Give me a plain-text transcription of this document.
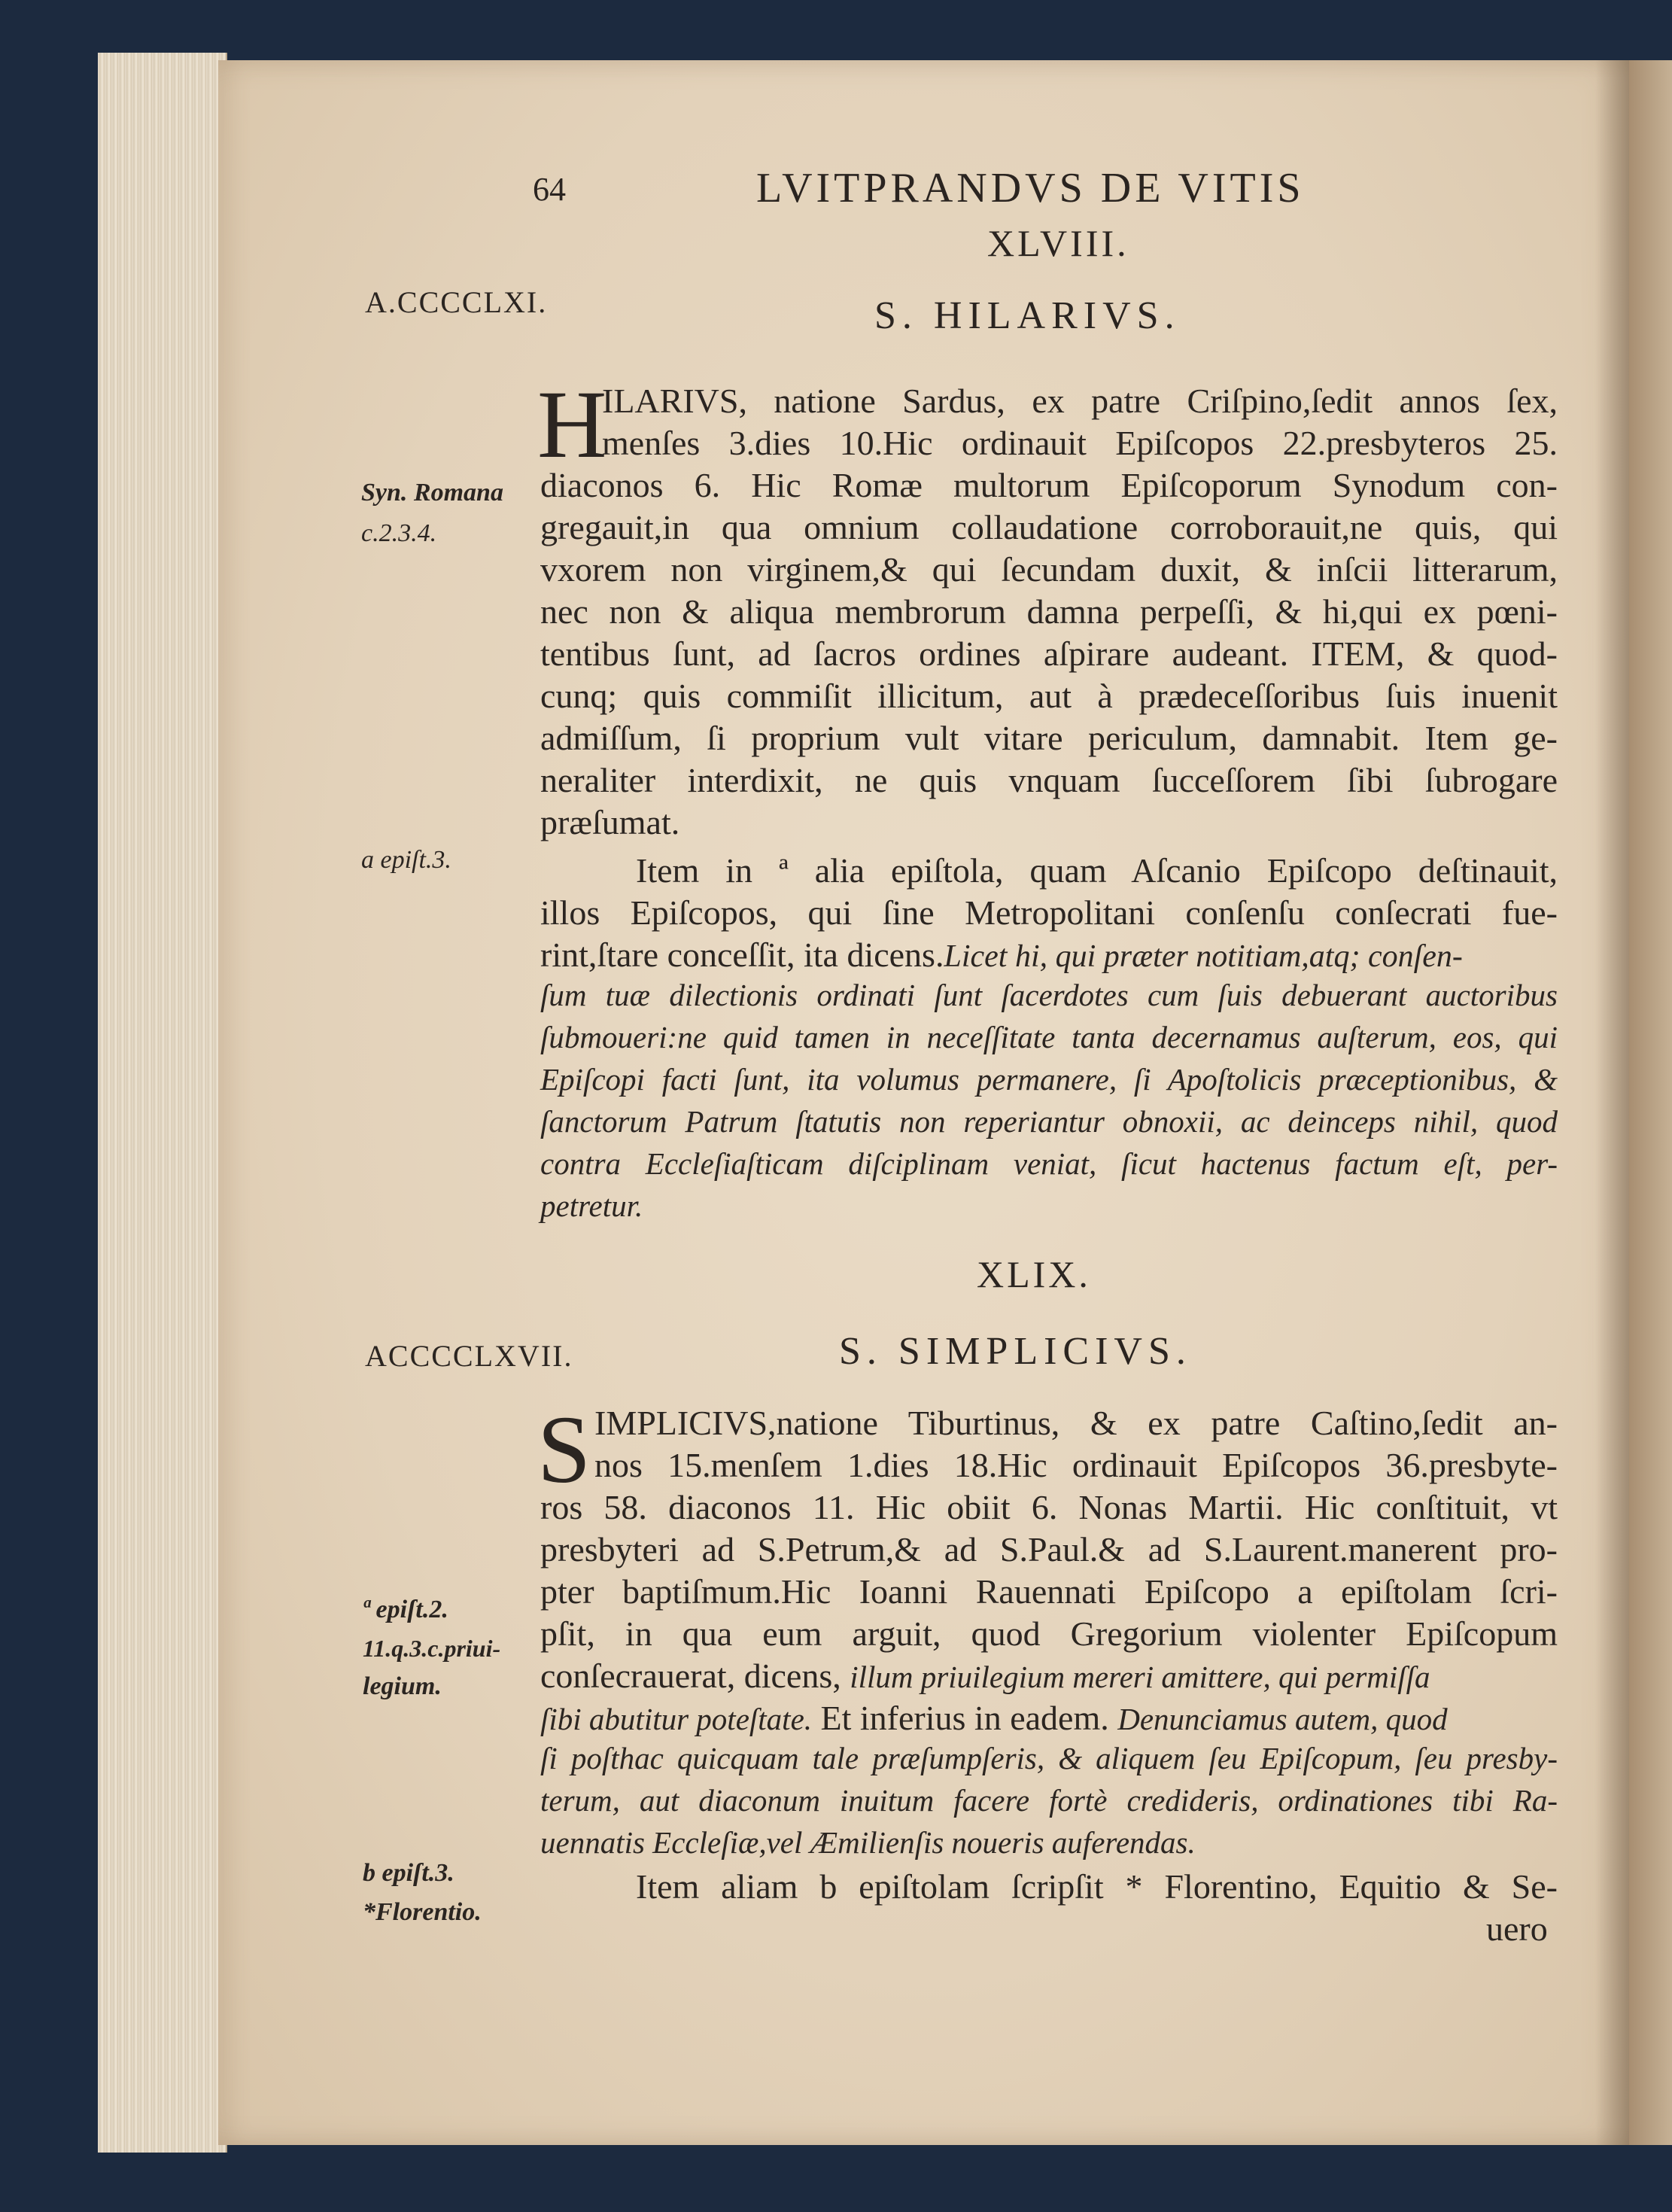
64	LVITPRANDVS DE VITIS
XLVIII.
A.CCCCLXI.	S. HILARIVS.
H
ILARIVS, natione Sardus, ex patre Criſpino,ſedit annos ſex,
menſes 3.dies 10.Hic ordinauit Epiſcopos 22.presbyteros 25.
diaconos 6. Hic Romæ multorum Epiſcoporum Synodum con-
gregauit,in qua omnium collaudatione corroborauit,ne quis, qui
vxorem non virginem,& qui ſecundam duxit, & inſcii litterarum,
nec non & aliqua membrorum damna perpeſſi, & hi,qui ex pœni-
tentibus ſunt, ad ſacros ordines aſpirare audeant. ITEM, & quod-
cunq; quis commiſit illicitum, aut à prædeceſſoribus ſuis inuenit
admiſſum, ſi proprium vult vitare periculum, damnabit. Item ge-
neraliter interdixit, ne quis vnquam ſucceſſorem ſibi ſubrogare
præſumat.
Syn. Romana
c.2.3.4.
a epiſt.3.	Item in ª alia epiſtola, quam Aſcanio Epiſcopo deſtinauit,
illos Epiſcopos, qui ſine Metropolitani conſenſu conſecrati fue-
rint,ſtare conceſſit, ita dicens.Licet hi, qui præter notitiam,atq; conſen-
ſum tuæ dilectionis ordinati ſunt ſacerdotes cum ſuis debuerant auctoribus
ſubmoueri:ne quid tamen in neceſſitate tanta decernamus auſterum, eos, qui
Epiſcopi facti ſunt, ita volumus permanere, ſi Apoſtolicis præceptionibus, &
ſanctorum Patrum ſtatutis non reperiantur obnoxii, ac deinceps nihil, quod
contra Eccleſiaſticam diſciplinam veniat, ſicut hactenus factum eſt, per-
petretur.
XLIX.
ACCCCLXVII.	S. SIMPLICIVS.
S IMPLICIVS,natione Tiburtinus, & ex patre Caſtino,ſedit an-
nos 15.menſem 1.dies 18.Hic ordinauit Epiſcopos 36.presbyte-
ros 58. diaconos 11. Hic obiit 6. Nonas Martii. Hic conſtituit, vt
presbyteri ad S.Petrum,& ad S.Paul.& ad S.Laurent.manerent pro-
pter baptiſmum.Hic Ioanni Rauennati Epiſcopo a epiſtolam ſcri-
pſit, in qua eum arguit, quod Gregorium violenter Epiſcopum
conſecrauerat, dicens, illum priuilegium mereri amittere, qui permiſſa
ſibi abutitur poteſtate. Et inferius in eadem. Denunciamus autem, quod
ſi poſthac quicquam tale præſumpſeris, & aliquem ſeu Epiſcopum, ſeu presby-
terum, aut diaconum inuitum facere fortè credideris, ordinationes tibi Ra-
uennatis Eccleſiæ,vel Æmilienſis noueris auferendas.
Item aliam b epiſtolam ſcripſit * Florentino, Equitio & Se-
uero
ª epiſt.2.
11.q.3.c.priui-
legium.
b epiſt.3.
*Florentio.
